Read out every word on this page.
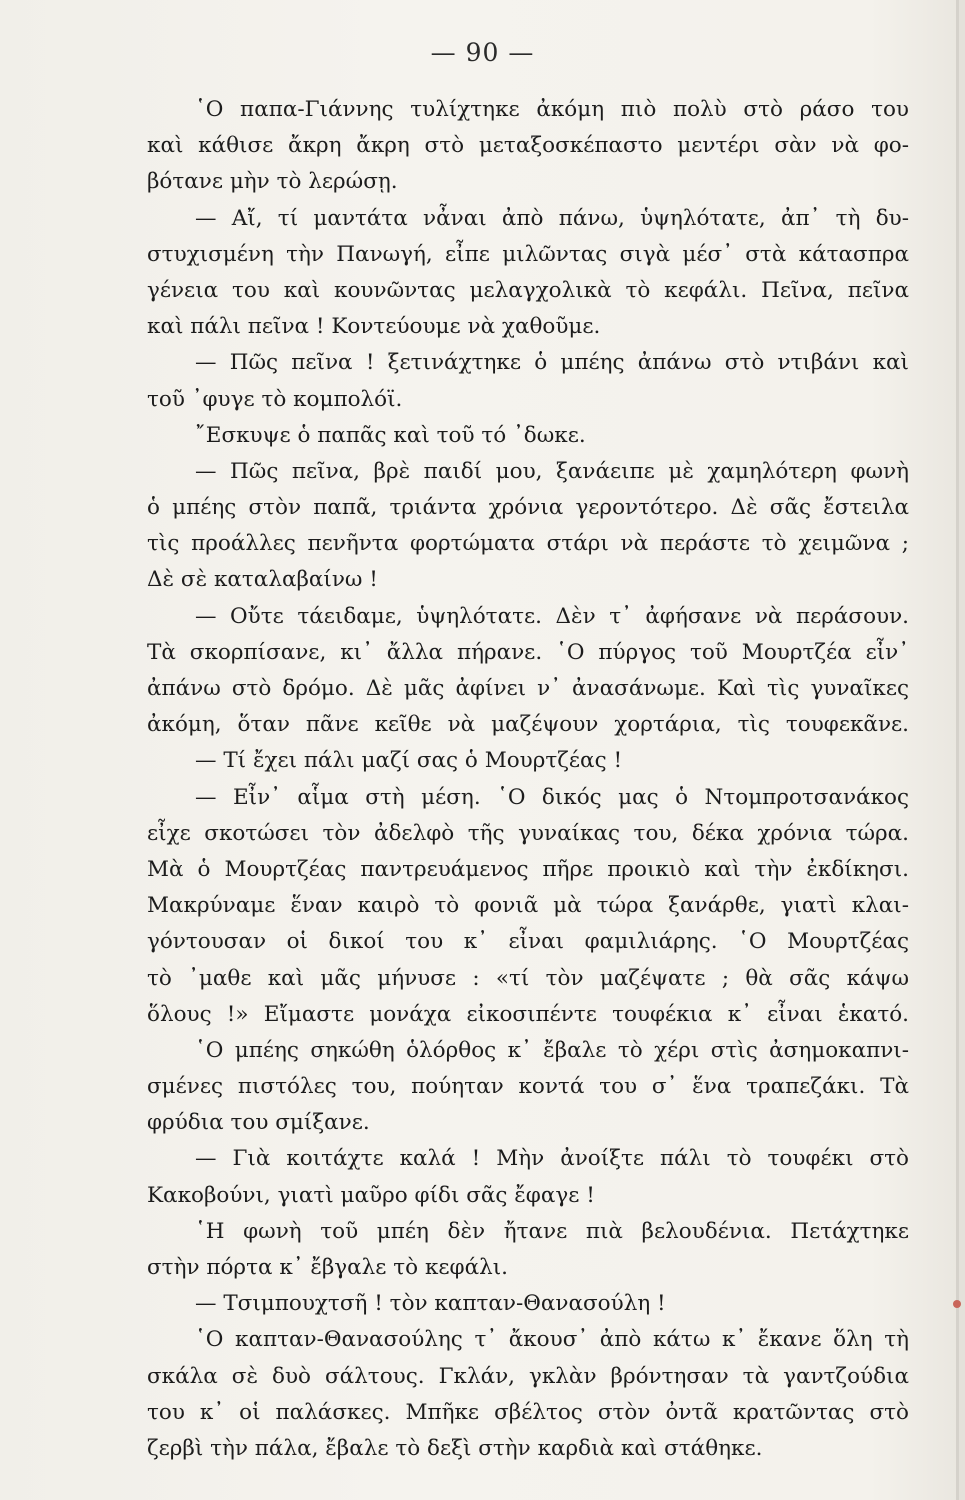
— 90 —
῾Ο παπα-Γιάννης τυλίχτηκε ἀκόμη πιὸ πολὺ στὸ ράσο του
καὶ κάθισε ἄκρη ἄκρη στὸ μεταξοσκέπαστο μεντέρι σὰν νὰ φο-
βότανε μὴν τὸ λερώσῃ.
— Αἴ, τί μαντάτα νἆναι ἀπὸ πάνω, ὑψηλότατε, ἀπ᾿ τὴ δυ-
στυχισμένη τὴν Πανωγή, εἶπε μιλῶντας σιγὰ μέσ᾿ στὰ κάτασπρα
γένεια του καὶ κουνῶντας μελαγχολικὰ τὸ κεφάλι. Πεῖνα, πεῖνα
καὶ πάλι πεῖνα ! Κοντεύουμε νὰ χαθοῦμε.
— Πῶς πεῖνα ! ξετινάχτηκε ὁ μπέης ἀπάνω στὸ ντιβάνι καὶ
τοῦ ᾿φυγε τὸ κομπολόϊ.
῎Εσκυψε ὁ παπᾶς καὶ τοῦ τό ᾿δωκε.
— Πῶς πεῖνα, βρὲ παιδί μου, ξανάειπε μὲ χαμηλότερη φωνὴ
ὁ μπέης στὸν παπᾶ, τριάντα χρόνια γεροντότερο. Δὲ σᾶς ἔστειλα
τὶς προάλλες πενῆντα φορτώματα στάρι νὰ περάστε τὸ χειμῶνα ;
Δὲ σὲ καταλαβαίνω !
— Οὔτε τάειδαμε, ὑψηλότατε. Δὲν τ᾿ ἀφήσανε νὰ περάσουν.
Τὰ σκορπίσανε, κι᾿ ἄλλα πήρανε. ῾Ο πύργος τοῦ Μουρτζέα εἶν᾿
ἀπάνω στὸ δρόμο. Δὲ μᾶς ἀφίνει ν᾿ ἀνασάνωμε. Καὶ τὶς γυναῖκες
ἀκόμη, ὅταν πᾶνε κεῖθε νὰ μαζέψουν χορτάρια, τὶς τουφεκᾶνε.
— Τί ἔχει πάλι μαζί σας ὁ Μουρτζέας !
— Εἶν᾿ αἷμα στὴ μέση. ῾Ο δικός μας ὁ Ντομπροτσανάκος
εἶχε σκοτώσει τὸν ἀδελφὸ τῆς γυναίκας του, δέκα χρόνια τώρα.
Μὰ ὁ Μουρτζέας παντρευάμενος πῆρε προικιὸ καὶ τὴν ἐκδίκησι.
Μακρύναμε ἕναν καιρὸ τὸ φονιᾶ μὰ τώρα ξανάρθε, γιατὶ κλαι-
γόντουσαν οἱ δικοί του κ᾿ εἶναι φαμιλιάρης. ῾Ο Μουρτζέας
τὸ ᾿μαθε καὶ μᾶς μήνυσε : «τί τὸν μαζέψατε ; θὰ σᾶς κάψω
ὅλους !» Εἴμαστε μονάχα εἰκοσιπέντε τουφέκια κ᾿ εἶναι ἑκατό.
῾Ο μπέης σηκώθη ὁλόρθος κ᾿ ἔβαλε τὸ χέρι στὶς ἀσημοκαπνι-
σμένες πιστόλες του, πούηταν κοντά του σ᾿ ἕνα τραπεζάκι. Τὰ
φρύδια του σμίξανε.
— Γιὰ κοιτάχτε καλά ! Μὴν ἀνοίξτε πάλι τὸ τουφέκι στὸ
Κακοβούνι, γιατὶ μαῦρο φίδι σᾶς ἔφαγε !
῾Η φωνὴ τοῦ μπέη δὲν ἤτανε πιὰ βελουδένια. Πετάχτηκε
στὴν πόρτα κ᾿ ἔβγαλε τὸ κεφάλι.
— Τσιμπουχτσῆ ! τὸν καπταν-Θανασούλη !
῾Ο καπταν-Θανασούλης τ᾿ ἄκουσ᾿ ἀπὸ κάτω κ᾿ ἔκανε ὅλη τὴ
σκάλα σὲ δυὸ σάλτους. Γκλάν, γκλὰν βρόντησαν τὰ γαντζούδια
του κ᾿ οἱ παλάσκες. Μπῆκε σβέλτος στὸν ὀντᾶ κρατῶντας στὸ
ζερβὶ τὴν πάλα, ἔβαλε τὸ δεξὶ στὴν καρδιὰ καὶ στάθηκε.
